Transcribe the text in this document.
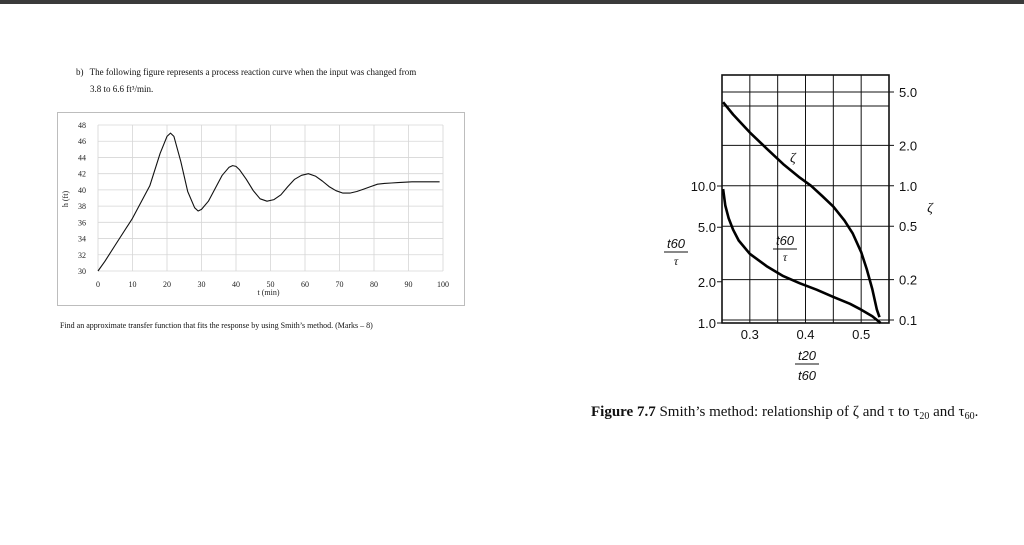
b) The following figure represents a process reaction curve when the input was changed from
3.8 to 6.6 ft³/min.
0	10	20	30	40	50	60	70	80	90	100
30
32
34
36
38
40
42
44
46
48
t (min)
h (ft)
Find an approximate transfer function that fits the response by using Smith’s method. (Marks – 8)
10.0
5.0
2.0
1.0
5.0
2.0
1.0
0.5
0.2
0.1
0.3	0.4	0.5
ζ
t60
τ
t60
τ
ζ
t20
t60
Figure 7.7 Smith’s method: relationship of ζ and τ to $\tau_{20}$ and $\tau_{60}$.
